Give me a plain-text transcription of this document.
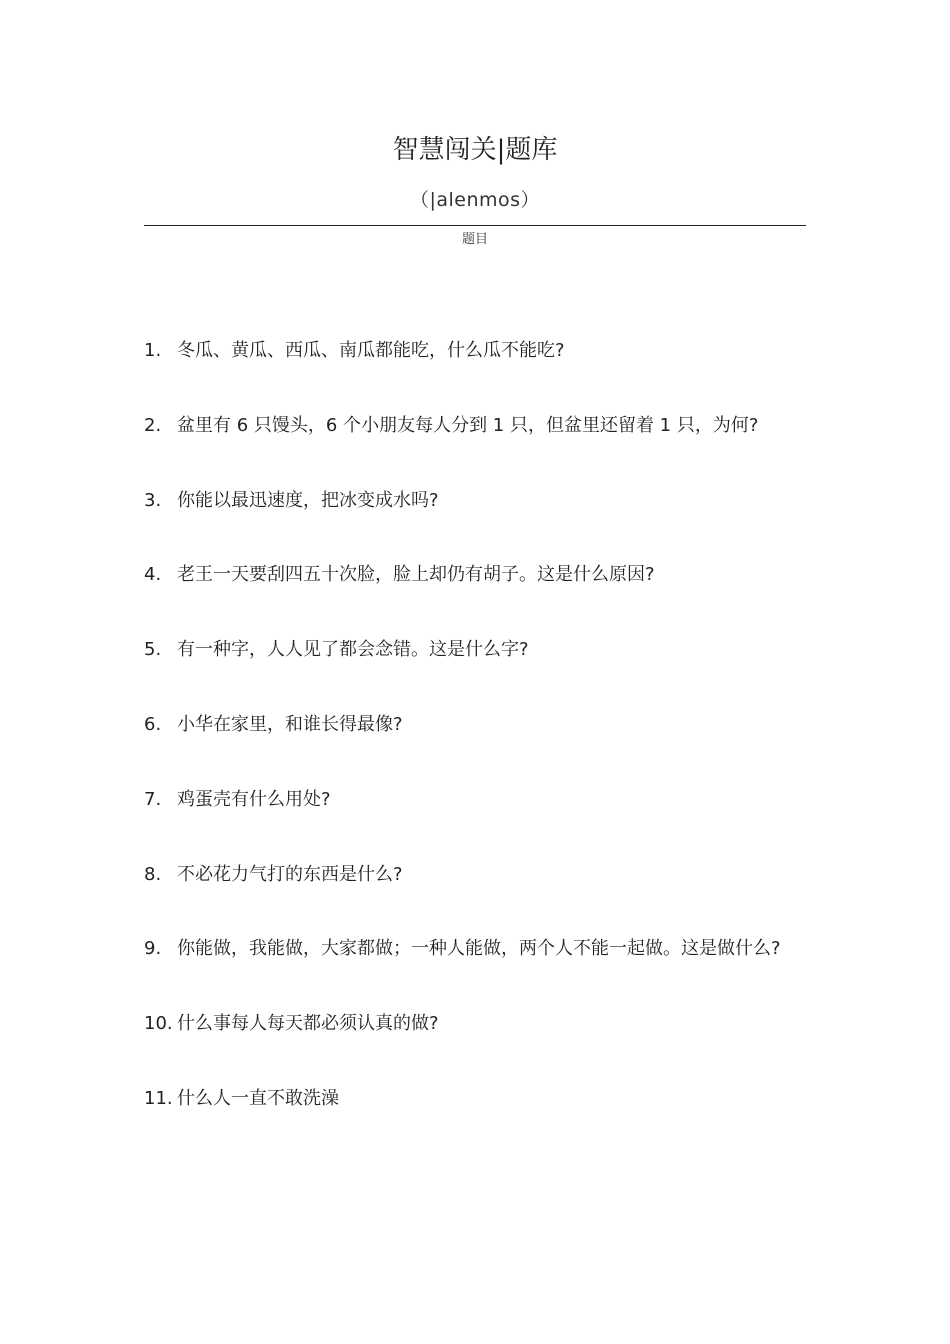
智慧闯关|题库
（|alenmos）
题目
1. 冬瓜、黄瓜、西瓜、南瓜都能吃，什么瓜不能吃?
2. 盆里有 6 只馒头，6 个小朋友每人分到 1 只，但盆里还留着 1 只，为何?
3. 你能以最迅速度，把冰变成水吗?
4. 老王一天要刮四五十次脸，脸上却仍有胡子。这是什么原因?
5. 有一种字，人人见了都会念错。这是什么字?
6. 小华在家里，和谁长得最像?
7. 鸡蛋壳有什么用处?
8. 不必花力气打的东西是什么?
9. 你能做，我能做，大家都做；一种人能做，两个人不能一起做。这是做什么?
10. 什么事每人每天都必须认真的做?
11. 什么人一直不敢洗澡
